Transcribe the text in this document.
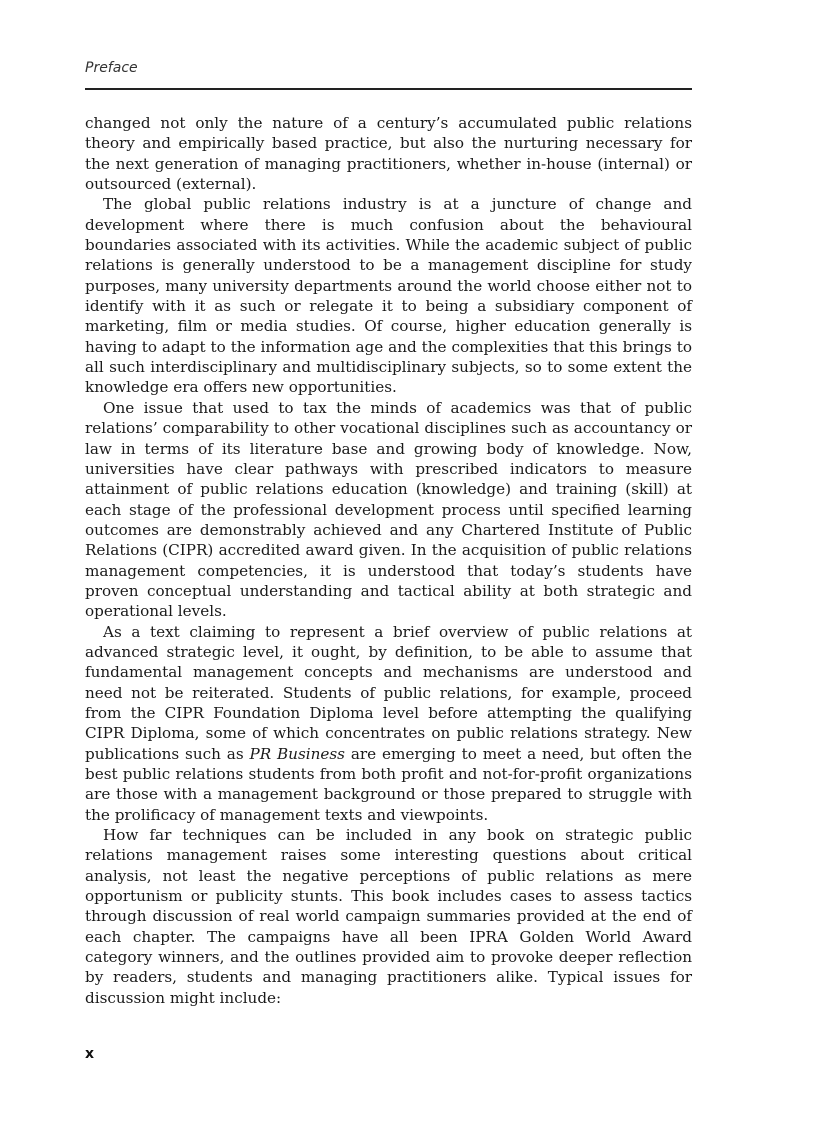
Preface

changed not only the nature of a century’s accumulated public relations theory and empirically based practice, but also the nurturing necessary for the next generation of managing practitioners, whether in-house (internal) or outsourced (external).

The global public relations industry is at a juncture of change and development where there is much confusion about the behavioural boundaries associated with its activities. While the academic subject of public relations is generally understood to be a management discipline for study purposes, many university departments around the world choose either not to identify with it as such or relegate it to being a subsidiary component of marketing, film or media studies. Of course, higher education generally is having to adapt to the information age and the complexities that this brings to all such interdisciplinary and multidisciplinary subjects, so to some extent the knowledge era offers new opportunities.

One issue that used to tax the minds of academics was that of public relations’ comparability to other vocational disciplines such as accountancy or law in terms of its literature base and growing body of knowledge. Now, universities have clear pathways with prescribed indicators to measure attainment of public relations education (knowledge) and training (skill) at each stage of the professional development process until specified learning outcomes are demonstrably achieved and any Chartered Institute of Public Relations (CIPR) accredited award given. In the acquisition of public relations management competencies, it is understood that today’s students have proven conceptual understanding and tactical ability at both strategic and operational levels.

As a text claiming to represent a brief overview of public relations at advanced strategic level, it ought, by definition, to be able to assume that fundamental management concepts and mechanisms are understood and need not be reiterated. Students of public relations, for example, proceed from the CIPR Foundation Diploma level before attempting the qualifying CIPR Diploma, some of which concentrates on public relations strategy. New publications such as PR Business are emerging to meet a need, but often the best public relations students from both profit and not-for-profit organizations are those with a management background or those prepared to struggle with the prolificacy of management texts and viewpoints.

How far techniques can be included in any book on strategic public relations management raises some interesting questions about critical analysis, not least the negative perceptions of public relations as mere opportunism or publicity stunts. This book includes cases to assess tactics through discussion of real world campaign summaries provided at the end of each chapter. The campaigns have all been IPRA Golden World Award category winners, and the outlines provided aim to provoke deeper reflection by readers, students and managing practitioners alike. Typical issues for discussion might include:

x
